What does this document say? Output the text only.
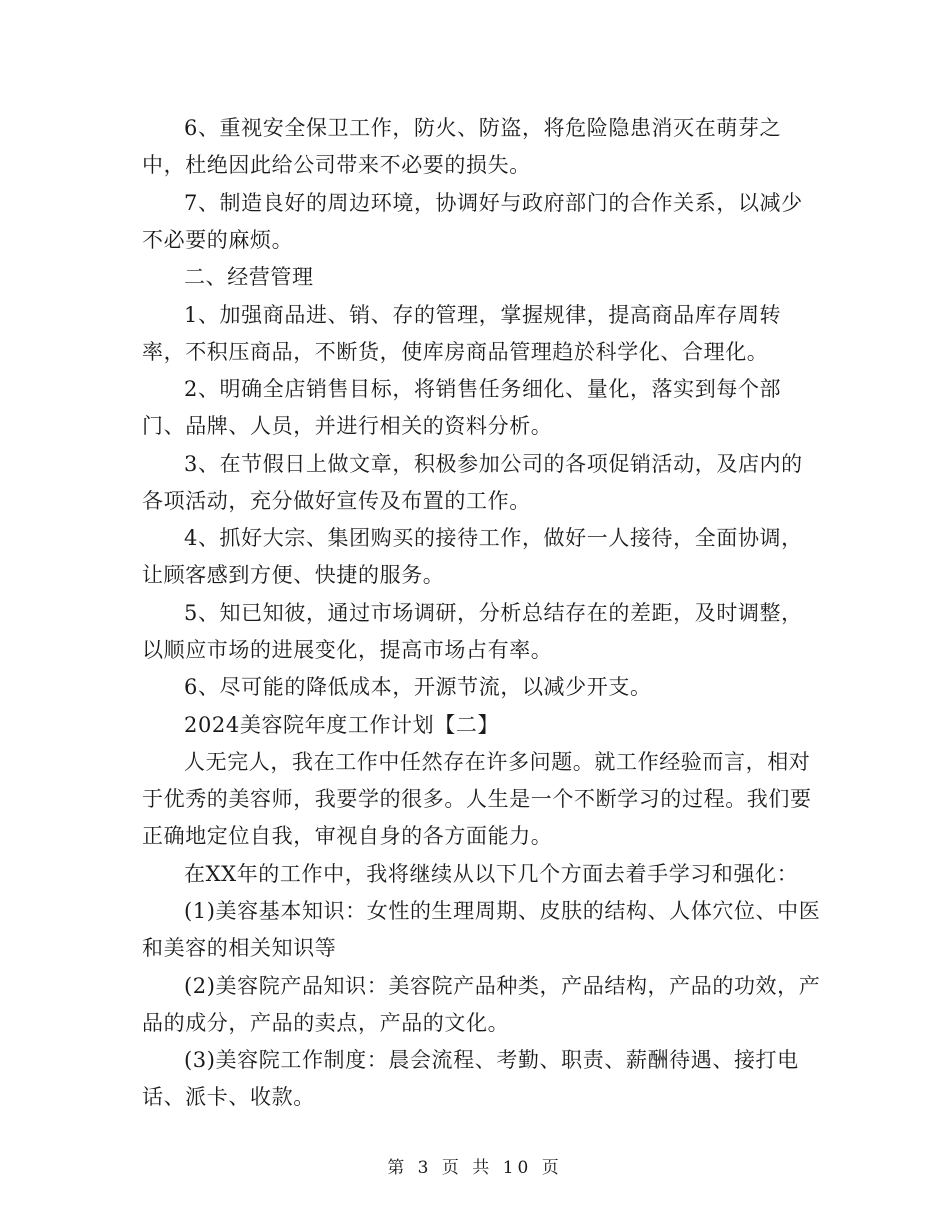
6、重视安全保卫工作，防火、防盗，将危险隐患消灭在萌芽之中，杜绝因此给公司带来不必要的损失。

7、制造良好的周边环境，协调好与政府部门的合作关系，以减少不必要的麻烦。

二、经营管理

1、加强商品进、销、存的管理，掌握规律，提高商品库存周转率，不积压商品，不断货，使库房商品管理趋於科学化、合理化。

2、明确全店销售目标，将销售任务细化、量化，落实到每个部门、品牌、人员，并进行相关的资料分析。

3、在节假日上做文章，积极参加公司的各项促销活动，及店内的各项活动，充分做好宣传及布置的工作。

4、抓好大宗、集团购买的接待工作，做好一人接待，全面协调，让顾客感到方便、快捷的服务。

5、知已知彼，通过市场调研，分析总结存在的差距，及时调整，以顺应市场的进展变化，提高市场占有率。

6、尽可能的降低成本，开源节流，以减少开支。

2024美容院年度工作计划【二】

人无完人，我在工作中任然存在许多问题。就工作经验而言，相对于优秀的美容师，我要学的很多。人生是一个不断学习的过程。我们要正确地定位自我，审视自身的各方面能力。

在XX年的工作中，我将继续从以下几个方面去着手学习和强化：

(1)美容基本知识：女性的生理周期、皮肤的结构、人体穴位、中医和美容的相关知识等

(2)美容院产品知识：美容院产品种类，产品结构，产品的功效，产品的成分，产品的卖点，产品的文化。

(3)美容院工作制度：晨会流程、考勤、职责、薪酬待遇、接打电话、派卡、收款。

第 3 页 共 10 页
